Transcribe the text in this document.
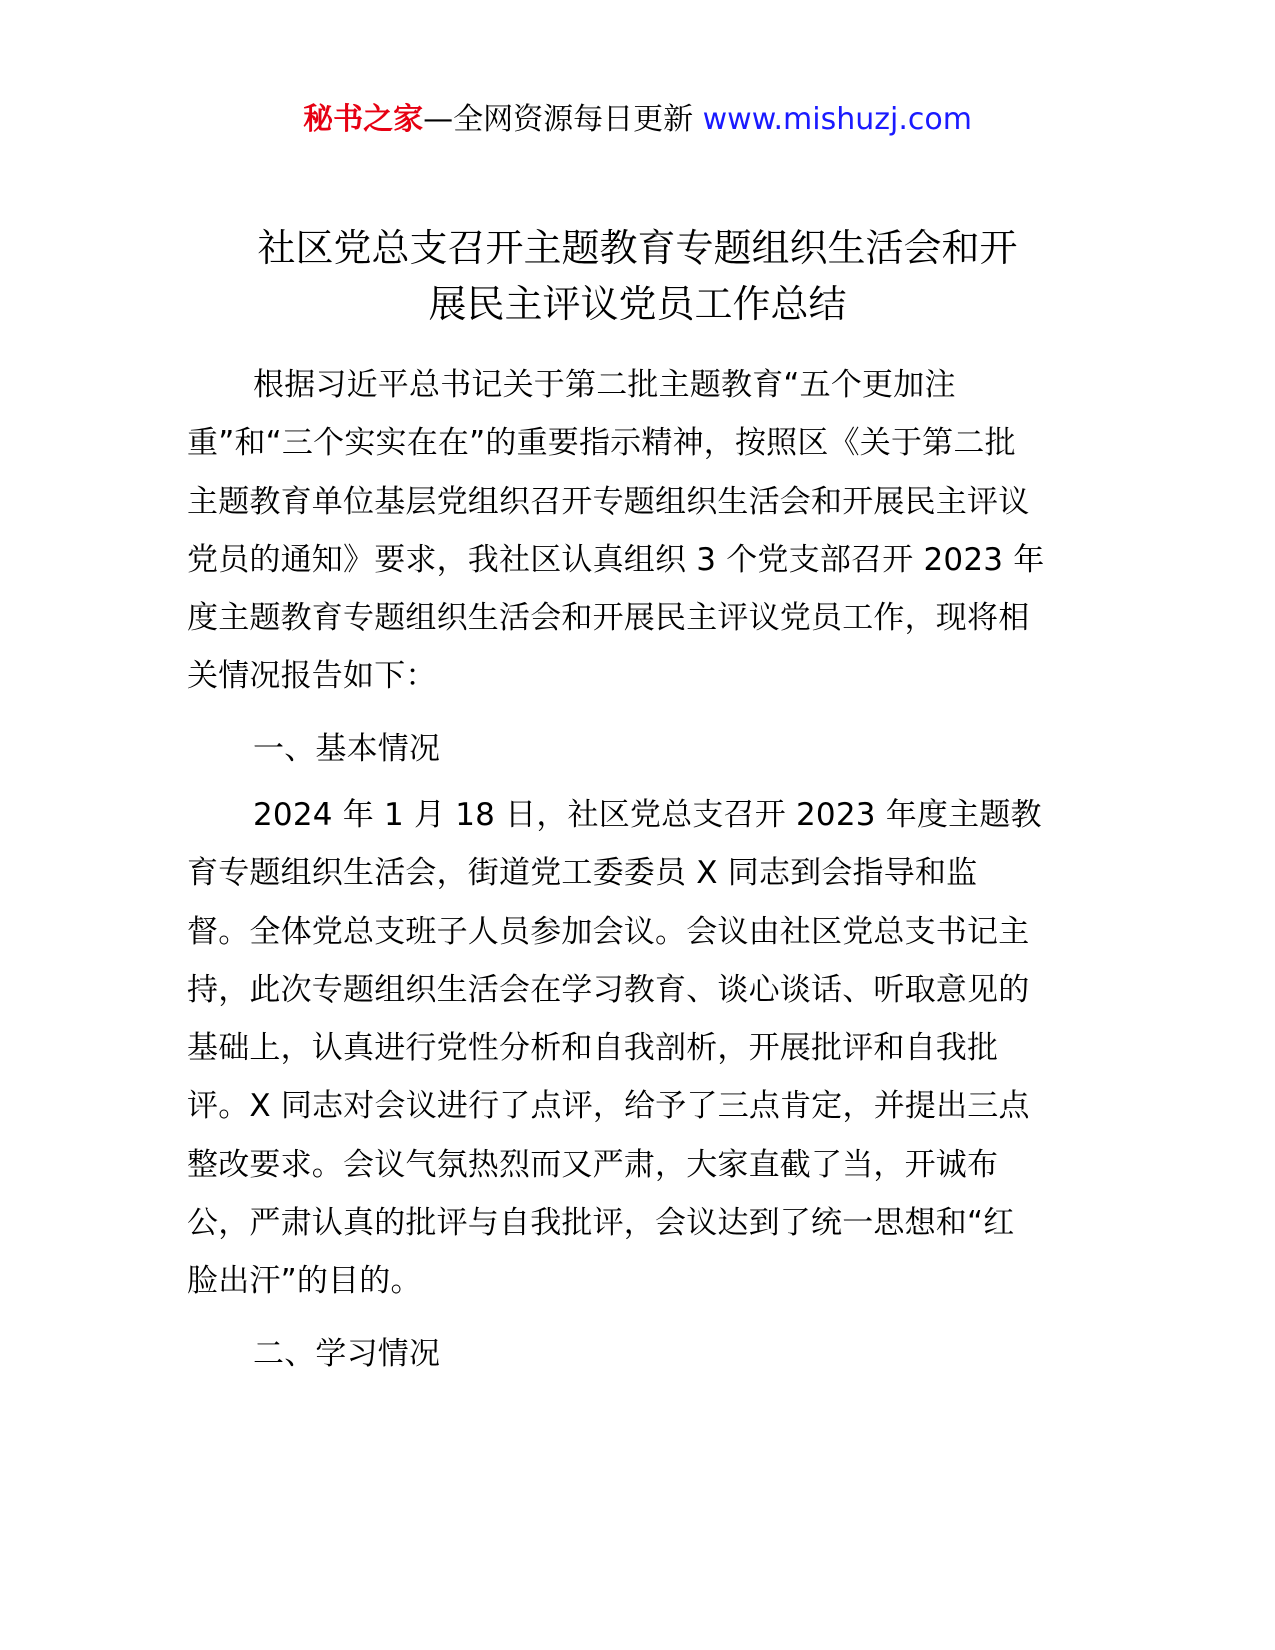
秘书之家—全网资源每日更新 www.mishuzj.com
社区党总支召开主题教育专题组织生活会和开
展民主评议党员工作总结
根据习近平总书记关于第二批主题教育“五个更加注
重”和“三个实实在在”的重要指示精神，按照区《关于第二批
主题教育单位基层党组织召开专题组织生活会和开展民主评议
党员的通知》要求，我社区认真组织 3 个党支部召开 2023 年
度主题教育专题组织生活会和开展民主评议党员工作，现将相
关情况报告如下：
一、基本情况
2024 年 1 月 18 日，社区党总支召开 2023 年度主题教
育专题组织生活会，街道党工委委员 X 同志到会指导和监
督。全体党总支班子人员参加会议。会议由社区党总支书记主
持，此次专题组织生活会在学习教育、谈心谈话、听取意见的
基础上，认真进行党性分析和自我剖析，开展批评和自我批
评。X 同志对会议进行了点评，给予了三点肯定，并提出三点
整改要求。会议气氛热烈而又严肃，大家直截了当，开诚布
公，严肃认真的批评与自我批评，会议达到了统一思想和“红
脸出汗”的目的。
二、学习情况
